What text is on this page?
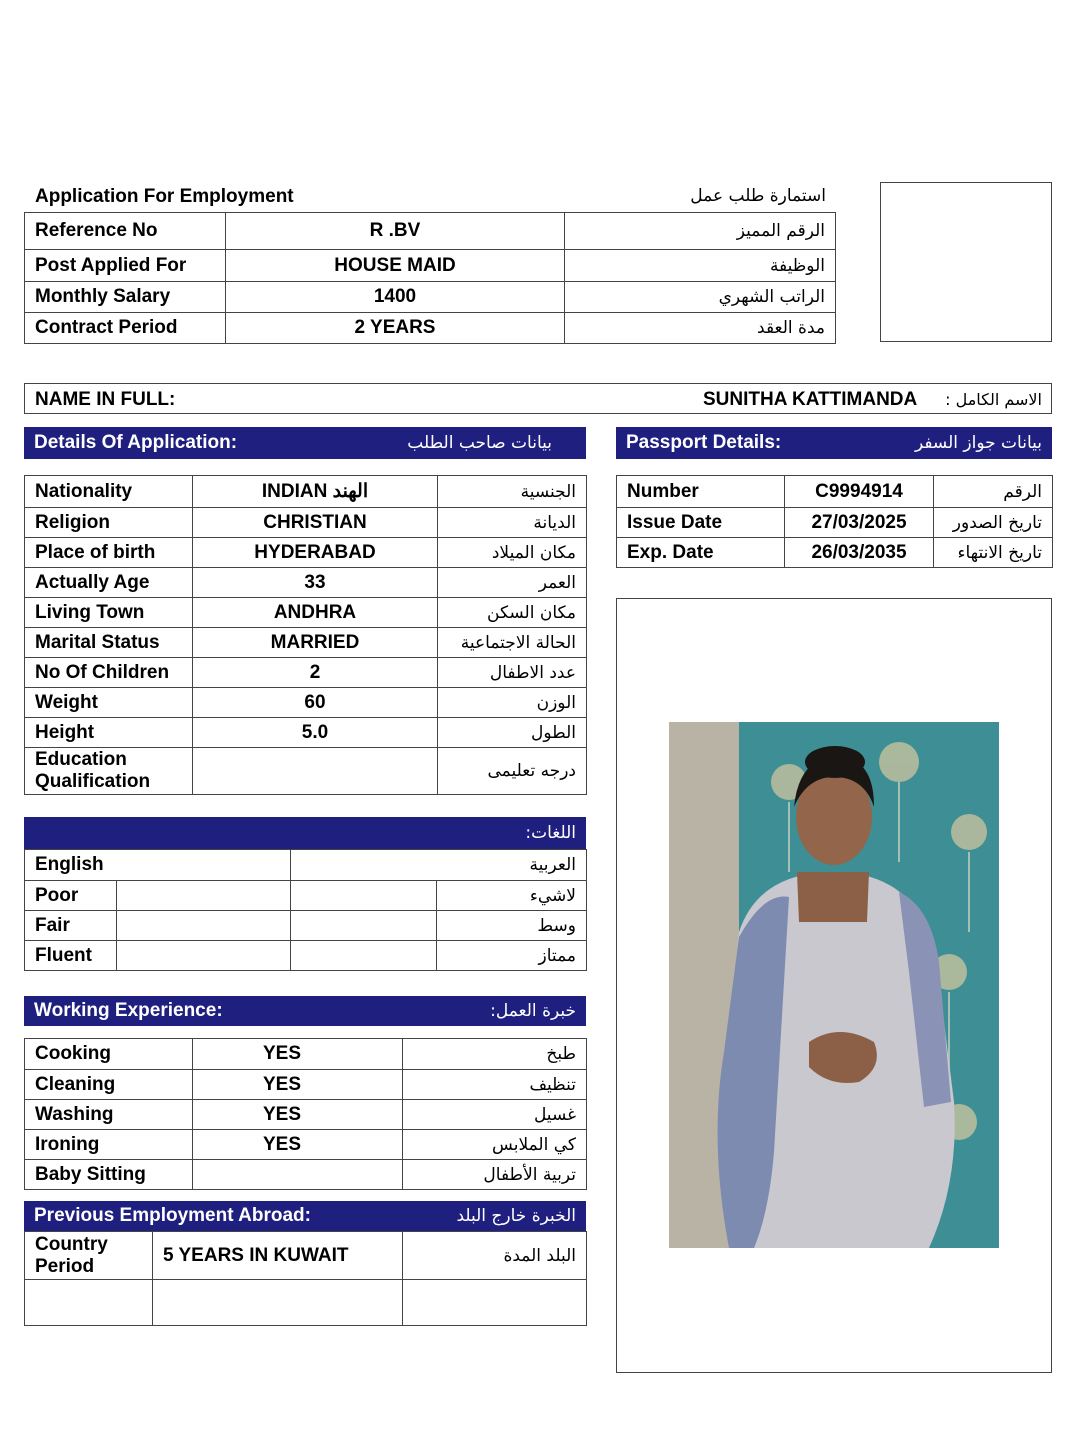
Application For Employment	استمارة طلب عمل
Reference No	R .BV	الرقم المميز
Post Applied For	HOUSE MAID	الوظيفة
Monthly Salary	1400	الراتب الشهري
Contract Period	2 YEARS	مدة العقد
NAME IN FULL:	SUNITHA KATTIMANDA	الاسم الكامل :
Details Of Application:	بيانات صاحب الطلب	Passport Details:	بيانات جواز السفر
Nationality	INDIAN الهند	الجنسية
Religion	CHRISTIAN	الديانة
Place of birth	HYDERABAD	مكان الميلاد
Actually Age	33	العمر
Living Town	ANDHRA	مكان السكن
Marital Status	MARRIED	الحالة الاجتماعية
No Of Children	2	عدد الاطفال
Weight	60	الوزن
Height	5.0	الطول
Education Qualification		درجه تعليمى
Number	C9994914	الرقم
Issue Date	27/03/2025	تاريخ الصدور
Exp. Date	26/03/2035	تاريخ الانتهاء
اللغات:
English		العربية	
Poor			لاشيء
Fair			وسط
Fluent			ممتاز
Working Experience:	خبرة العمل:
Cooking	YES	طبخ
Cleaning	YES	تنظيف
Washing	YES	غسيل
Ironing	YES	كي الملابس
Baby Sitting		تربية الأطفال
Previous Employment Abroad:	الخبرة خارج البلد
Country Period	5 YEARS IN KUWAIT	البلد المدة
